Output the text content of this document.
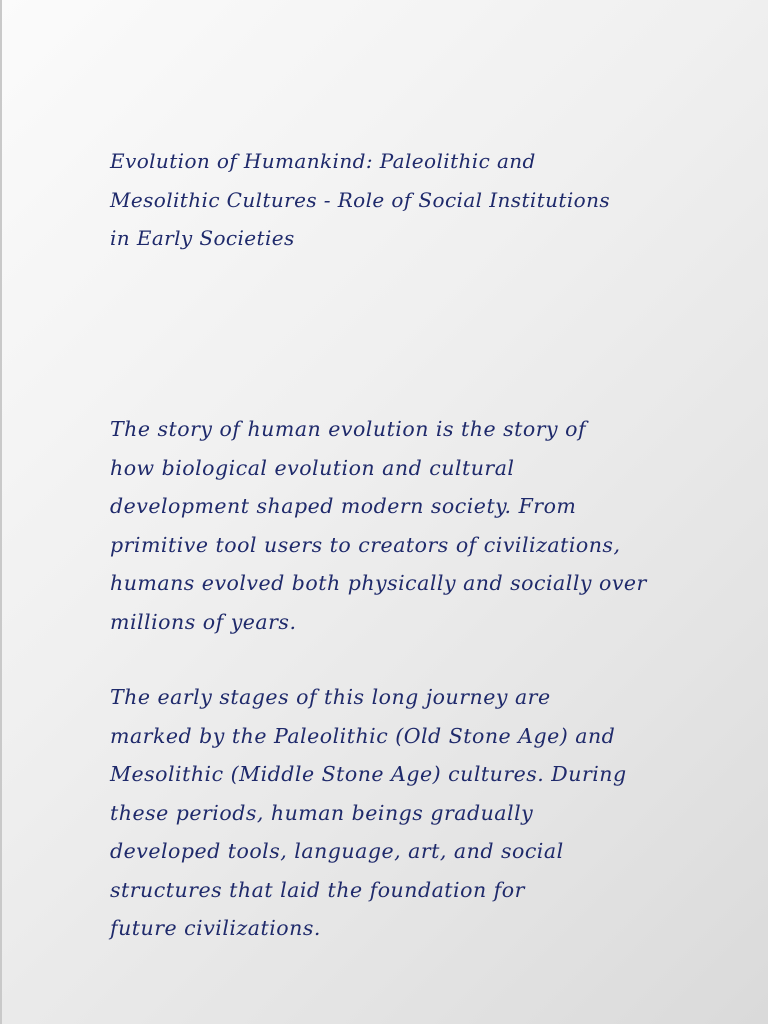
Evolution of Humankind: Paleolithic and
Mesolithic Cultures - Role of Social Institutions
in Early Societies

The story of human evolution is the story of
how biological evolution and cultural
development shaped modern society. From
primitive tool users to creators of civilizations,
humans evolved both physically and socially over
millions of years.

The early stages of this long journey are
marked by the Paleolithic (Old Stone Age) and
Mesolithic (Middle Stone Age) cultures. During
these periods, human beings gradually
developed tools, language, art, and social
structures that laid the foundation for
future civilizations.
